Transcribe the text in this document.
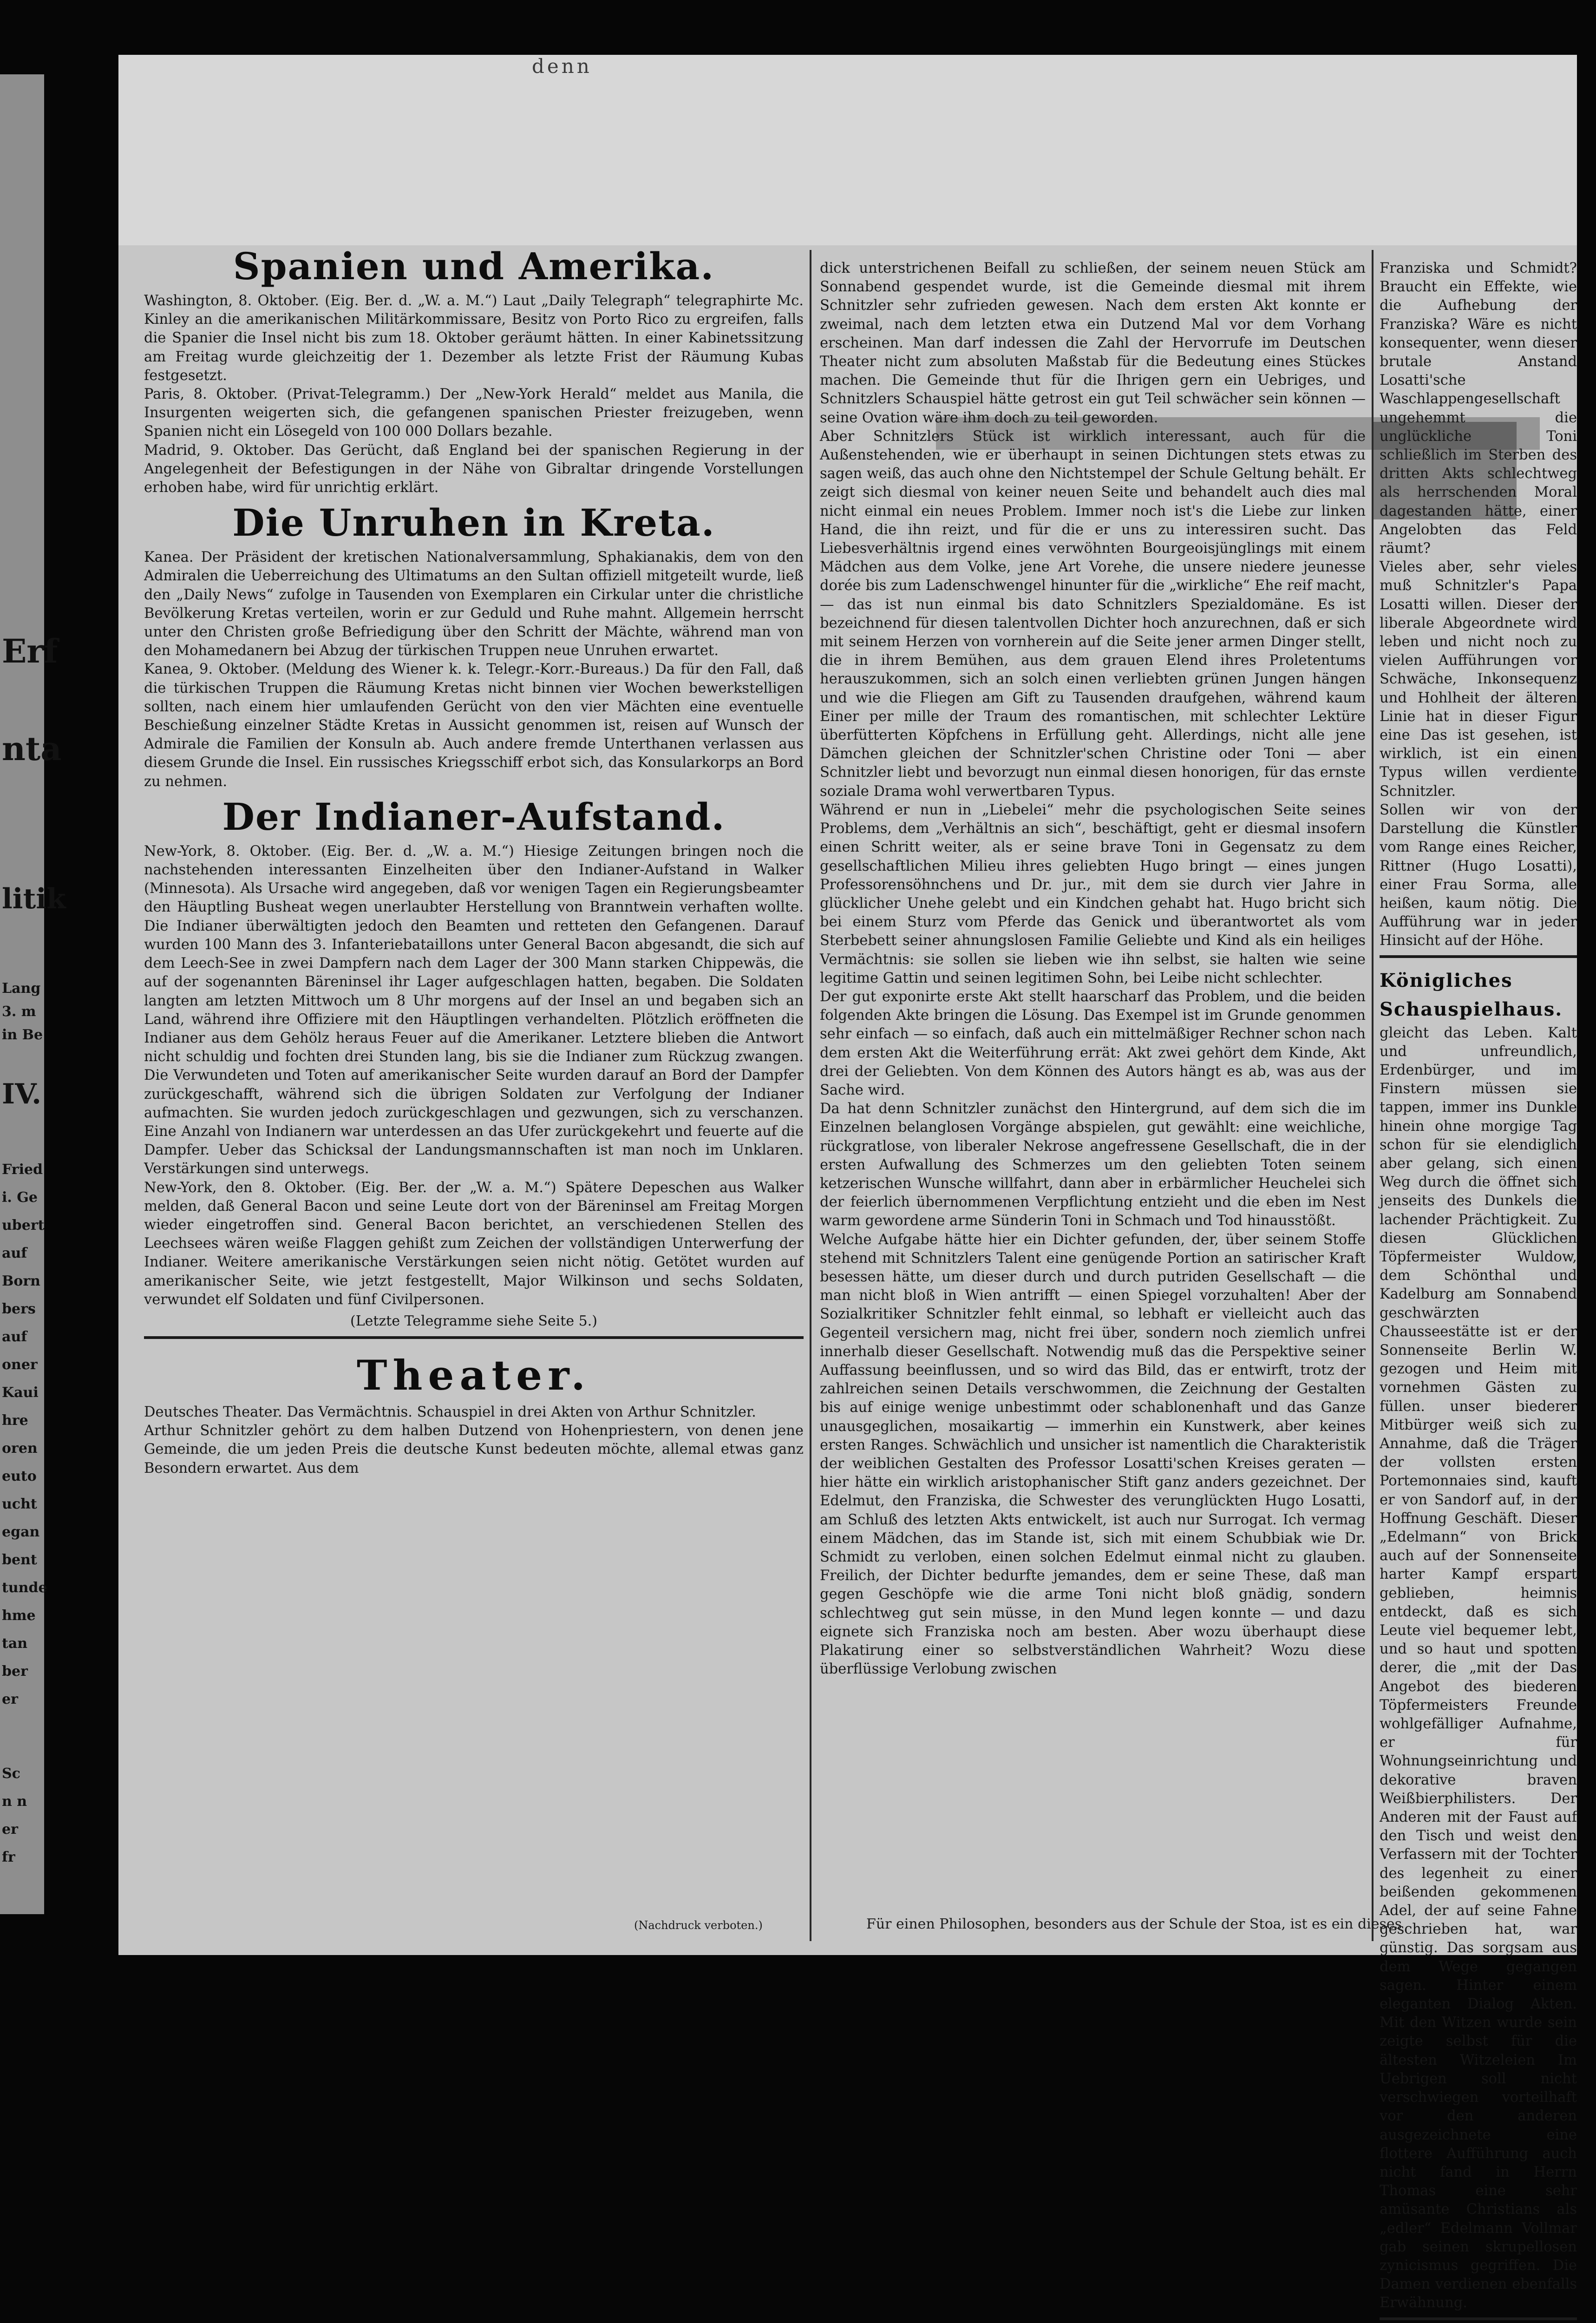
Erf
nta
litik
Lang
3. m
in Be
IV.
Fried
i. Ge
ubert
auf
Born
bers
auf
oner
Kaui
hre
oren
euto
ucht
egan
bent
tunde
hme
tan
ber
er
Sc
n n
er
fr
denn
Spanien und Amerika.

Washington, 8. Oktober. (Eig. Ber. d. „W. a. M.“) Laut „Daily Telegraph“ telegraphirte Mc. Kinley an die amerikanischen Militärkommissare, Besitz von Porto Rico zu ergreifen, falls die Spanier die Insel nicht bis zum 18. Oktober geräumt hätten. In einer Kabinetssitzung am Freitag wurde gleichzeitig der 1. Dezember als letzte Frist der Räumung Kubas festgesetzt.

Paris, 8. Oktober. (Privat-Telegramm.) Der „New-York Herald“ meldet aus Manila, die Insurgenten weigerten sich, die gefangenen spanischen Priester freizugeben, wenn Spanien nicht ein Lösegeld von 100 000 Dollars bezahle.

Madrid, 9. Oktober. Das Gerücht, daß England bei der spanischen Regierung in der Angelegenheit der Befestigungen in der Nähe von Gibraltar dringende Vorstellungen erhoben habe, wird für unrichtig erklärt.

Die Unruhen in Kreta.

Kanea. Der Präsident der kretischen Nationalversammlung, Sphakianakis, dem von den Admiralen die Ueberreichung des Ultimatums an den Sultan offiziell mitgeteilt wurde, ließ den „Daily News“ zufolge in Tausenden von Exemplaren ein Cirkular unter die christliche Bevölkerung Kretas verteilen, worin er zur Geduld und Ruhe mahnt. Allgemein herrscht unter den Christen große Befriedigung über den Schritt der Mächte, während man von den Mohamedanern bei Abzug der türkischen Truppen neue Unruhen erwartet.

Kanea, 9. Oktober. (Meldung des Wiener k. k. Telegr.-Korr.-Bureaus.) Da für den Fall, daß die türkischen Truppen die Räumung Kretas nicht binnen vier Wochen bewerkstelligen sollten, nach einem hier umlaufenden Gerücht von den vier Mächten eine eventuelle Beschießung einzelner Städte Kretas in Aussicht genommen ist, reisen auf Wunsch der Admirale die Familien der Konsuln ab. Auch andere fremde Unterthanen verlassen aus diesem Grunde die Insel. Ein russisches Kriegsschiff erbot sich, das Konsularkorps an Bord zu nehmen.

Der Indianer-Aufstand.

New-York, 8. Oktober. (Eig. Ber. d. „W. a. M.“) Hiesige Zeitungen bringen noch die nachstehenden interessanten Einzelheiten über den Indianer-Aufstand in Walker (Minnesota). Als Ursache wird angegeben, daß vor wenigen Tagen ein Regierungsbeamter den Häuptling Busheat wegen unerlaubter Herstellung von Branntwein verhaften wollte. Die Indianer überwältigten jedoch den Beamten und retteten den Gefangenen. Darauf wurden 100 Mann des 3. Infanteriebataillons unter General Bacon abgesandt, die sich auf dem Leech-See in zwei Dampfern nach dem Lager der 300 Mann starken Chippewäs, die auf der sogenannten Bäreninsel ihr Lager aufgeschlagen hatten, begaben. Die Soldaten langten am letzten Mittwoch um 8 Uhr morgens auf der Insel an und begaben sich an Land, während ihre Offiziere mit den Häuptlingen verhandelten. Plötzlich eröffneten die Indianer aus dem Gehölz heraus Feuer auf die Amerikaner. Letztere blieben die Antwort nicht schuldig und fochten drei Stunden lang, bis sie die Indianer zum Rückzug zwangen. Die Verwundeten und Toten auf amerikanischer Seite wurden darauf an Bord der Dampfer zurückgeschafft, während sich die übrigen Soldaten zur Verfolgung der Indianer aufmachten. Sie wurden jedoch zurückgeschlagen und gezwungen, sich zu verschanzen. Eine Anzahl von Indianern war unterdessen an das Ufer zurückgekehrt und feuerte auf die Dampfer. Ueber das Schicksal der Landungsmannschaften ist man noch im Unklaren. Verstärkungen sind unterwegs.

New-York, den 8. Oktober. (Eig. Ber. der „W. a. M.“) Spätere Depeschen aus Walker melden, daß General Bacon und seine Leute dort von der Bäreninsel am Freitag Morgen wieder eingetroffen sind. General Bacon berichtet, an verschiedenen Stellen des Leechsees wären weiße Flaggen gehißt zum Zeichen der vollständigen Unterwerfung der Indianer. Weitere amerikanische Verstärkungen seien nicht nötig. Getötet wurden auf amerikanischer Seite, wie jetzt festgestellt, Major Wilkinson und sechs Soldaten, verwundet elf Soldaten und fünf Civilpersonen.

(Letzte Telegramme siehe Seite 5.)

Theater.

Deutsches Theater. Das Vermächtnis. Schauspiel in drei Akten von Arthur Schnitzler.

Arthur Schnitzler gehört zu dem halben Dutzend von Hohenpriestern, von denen jene Gemeinde, die um jeden Preis die deutsche Kunst bedeuten möchte, allemal etwas ganz Besondern erwartet. Aus dem

dick unterstrichenen Beifall zu schließen, der seinem neuen Stück am Sonnabend gespendet wurde, ist die Gemeinde diesmal mit ihrem Schnitzler sehr zufrieden gewesen. Nach dem ersten Akt konnte er zweimal, nach dem letzten etwa ein Dutzend Mal vor dem Vorhang erscheinen. Man darf indessen die Zahl der Hervorrufe im Deutschen Theater nicht zum absoluten Maßstab für die Bedeutung eines Stückes machen. Die Gemeinde thut für die Ihrigen gern ein Uebriges, und Schnitzlers Schauspiel hätte getrost ein gut Teil schwächer sein können — seine Ovation wäre ihm doch zu teil geworden.

Aber Schnitzlers Stück ist wirklich interessant, auch für die Außenstehenden, wie er überhaupt in seinen Dichtungen stets etwas zu sagen weiß, das auch ohne den Nichtstempel der Schule Geltung behält. Er zeigt sich diesmal von keiner neuen Seite und behandelt auch dies mal nicht einmal ein neues Problem. Immer noch ist's die Liebe zur linken Hand, die ihn reizt, und für die er uns zu interessiren sucht. Das Liebesverhältnis irgend eines verwöhnten Bourgeoisjünglings mit einem Mädchen aus dem Volke, jene Art Vorehe, die unsere niedere jeunesse dorée bis zum Ladenschwengel hinunter für die „wirkliche“ Ehe reif macht, — das ist nun einmal bis dato Schnitzlers Spezialdomäne. Es ist bezeichnend für diesen talentvollen Dichter hoch anzurechnen, daß er sich mit seinem Herzen von vornherein auf die Seite jener armen Dinger stellt, die in ihrem Bemühen, aus dem grauen Elend ihres Proletentums herauszukommen, sich an solch einen verliebten grünen Jungen hängen und wie die Fliegen am Gift zu Tausenden draufgehen, während kaum Einer per mille der Traum des romantischen, mit schlechter Lektüre überfütterten Köpfchens in Erfüllung geht. Allerdings, nicht alle jene Dämchen gleichen der Schnitzler'schen Christine oder Toni — aber Schnitzler liebt und bevorzugt nun einmal diesen honorigen, für das ernste soziale Drama wohl verwertbaren Typus.

Während er nun in „Liebelei“ mehr die psychologischen Seite seines Problems, dem „Verhältnis an sich“, beschäftigt, geht er diesmal insofern einen Schritt weiter, als er seine brave Toni in Gegensatz zu dem gesellschaftlichen Milieu ihres geliebten Hugo bringt — eines jungen Professorensöhnchens und Dr. jur., mit dem sie durch vier Jahre in glücklicher Unehe gelebt und ein Kindchen gehabt hat. Hugo bricht sich bei einem Sturz vom Pferde das Genick und überantwortet als vom Sterbebett seiner ahnungslosen Familie Geliebte und Kind als ein heiliges Vermächtnis: sie sollen sie lieben wie ihn selbst, sie halten wie seine legitime Gattin und seinen legitimen Sohn, bei Leibe nicht schlechter.

Der gut exponirte erste Akt stellt haarscharf das Problem, und die beiden folgenden Akte bringen die Lösung. Das Exempel ist im Grunde genommen sehr einfach — so einfach, daß auch ein mittelmäßiger Rechner schon nach dem ersten Akt die Weiterführung errät: Akt zwei gehört dem Kinde, Akt drei der Geliebten. Von dem Können des Autors hängt es ab, was aus der Sache wird.

Da hat denn Schnitzler zunächst den Hintergrund, auf dem sich die im Einzelnen belanglosen Vorgänge abspielen, gut gewählt: eine weichliche, rückgratlose, von liberaler Nekrose angefressene Gesellschaft, die in der ersten Aufwallung des Schmerzes um den geliebten Toten seinem ketzerischen Wunsche willfahrt, dann aber in erbärmlicher Heuchelei sich der feierlich übernommenen Verpflichtung entzieht und die eben im Nest warm gewordene arme Sünderin Toni in Schmach und Tod hinausstößt.

Welche Aufgabe hätte hier ein Dichter gefunden, der, über seinem Stoffe stehend mit Schnitzlers Talent eine genügende Portion an satirischer Kraft besessen hätte, um dieser durch und durch putriden Gesellschaft — die man nicht bloß in Wien antrifft — einen Spiegel vorzuhalten! Aber der Sozialkritiker Schnitzler fehlt einmal, so lebhaft er vielleicht auch das Gegenteil versichern mag, nicht frei über, sondern noch ziemlich unfrei innerhalb dieser Gesellschaft. Notwendig muß das die Perspektive seiner Auffassung beeinflussen, und so wird das Bild, das er entwirft, trotz der zahlreichen seinen Details verschwommen, die Zeichnung der Gestalten bis auf einige wenige unbestimmt oder schablonenhaft und das Ganze unausgeglichen, mosaikartig — immerhin ein Kunstwerk, aber keines ersten Ranges. Schwächlich und unsicher ist namentlich die Charakteristik der weiblichen Gestalten des Professor Losatti'schen Kreises geraten — hier hätte ein wirklich aristophanischer Stift ganz anders gezeichnet. Der Edelmut, den Franziska, die Schwester des verunglückten Hugo Losatti, am Schluß des letzten Akts entwickelt, ist auch nur Surrogat. Ich vermag einem Mädchen, das im Stande ist, sich mit einem Schubbiak wie Dr. Schmidt zu verloben, einen solchen Edelmut einmal nicht zu glauben. Freilich, der Dichter bedurfte jemandes, dem er seine These, daß man gegen Geschöpfe wie die arme Toni nicht bloß gnädig, sondern schlechtweg gut sein müsse, in den Mund legen konnte — und dazu eignete sich Franziska noch am besten. Aber wozu überhaupt diese Plakatirung einer so selbstverständlichen Wahrheit? Wozu diese überflüssige Verlobung zwischen

Franziska und Schmidt? Braucht ein Effekte, wie die Aufhebung der Franziska? Wäre es nicht konsequenter, wenn dieser brutale Anstand Losatti'sche Waschlappengesellschaft ungehemmt die unglückliche Toni schließlich im Sterben des dritten Akts schlechtweg als herrschenden Moral dagestanden hätte, einer Angelobten das Feld räumt?

Vieles aber, sehr vieles muß Schnitzler's Papa Losatti willen. Dieser der liberale Abgeordnete wird leben und nicht noch zu vielen Aufführungen vor Schwäche, Inkonsequenz und Hohlheit der älteren Linie hat in dieser Figur eine Das ist gesehen, ist wirklich, ist ein einen Typus willen verdiente Schnitzler.

Sollen wir von der Darstellung die Künstler vom Range eines Reicher, Rittner (Hugo Losatti), einer Frau Sorma, alle heißen, kaum nötig. Die Aufführung war in jeder Hinsicht auf der Höhe.

Königliches Schauspielhaus.

gleicht das Leben. Kalt und unfreundlich, Erdenbürger, und im Finstern müssen sie tappen, immer ins Dunkle hinein ohne morgige Tag schon für sie elendiglich aber gelang, sich einen Weg durch die öffnet sich jenseits des Dunkels die lachender Prächtigkeit. Zu diesen Glücklichen Töpfermeister Wuldow, dem Schönthal und Kadelburg am Sonnabend geschwärzten Chausseestätte ist er der Sonnenseite Berlin W. gezogen und Heim mit vornehmen Gästen zu füllen. unser biederer Mitbürger weiß sich zu Annahme, daß die Träger der vollsten ersten Portemonnaies sind, kauft er von Sandorf auf, in der Hoffnung Geschäft. Dieser „Edelmann“ von Brick auch auf der Sonnenseite harter Kampf erspart geblieben, heimnis entdeckt, daß es sich Leute viel bequemer lebt, und so haut und spotten derer, die „mit der Das Angebot des biederen Töpfermeisters Freunde wohlgefälliger Aufnahme, er für Wohnungseinrichtung und dekorative braven Weißbierphilisters. Der Anderen mit der Faust auf den Tisch und weist den Verfassern mit der Tochter des legenheit zu einer beißenden gekommenen Adel, der auf seine Fahne geschrieben hat, war günstig. Das sorgsam aus dem Wege gegangen sagen. Hinter einem eleganten Dialog Akten. Mit den Witzen wurde sein zeigte selbst für die ältesten Witzeleien Im Uebrigen soll nicht verschwiegen vorteilhaft vor den anderen ausgezeichnete eine flottere Aufführung auch nicht fand in Herrn Thomas eine sehr amüsante Christians als „edler“ Edelmann Vollmar gab seinen skrupellosen zynicismus gegriffen. Die Damen verdienen ebenfalls Erwähnung.

(Nachdruck verboten.)	Für einen Philosophen, besonders aus der Schule der Stoa, ist es ein dieses
